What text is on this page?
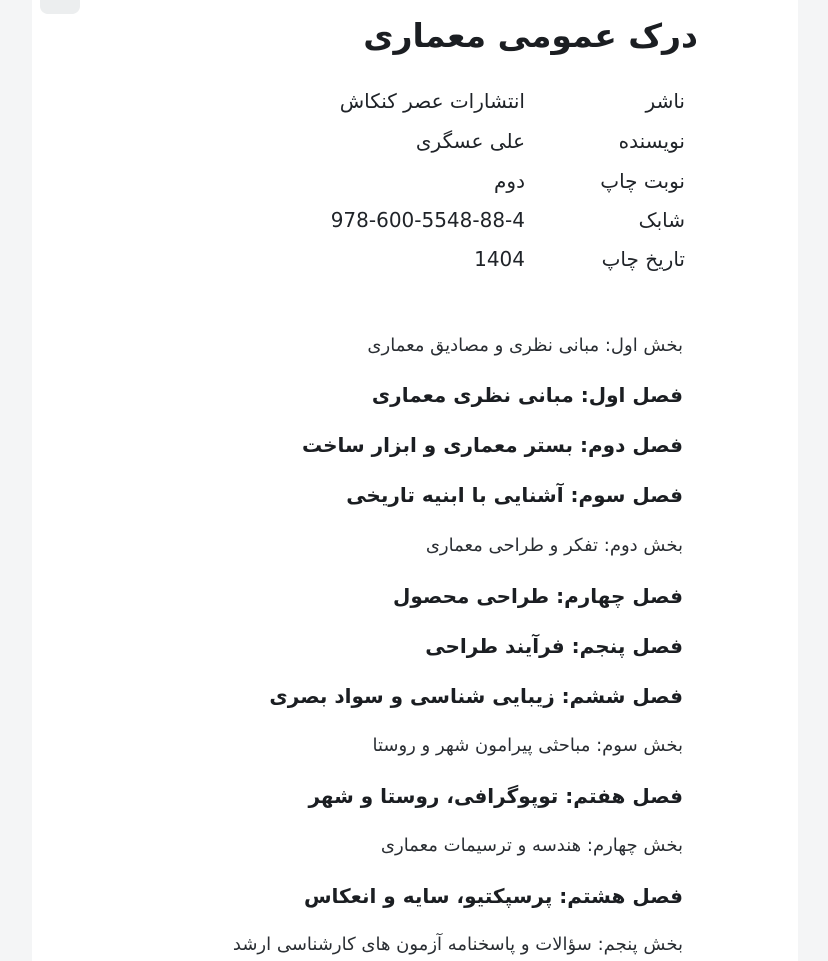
درک عمومی معماری
ناشر
انتشارات عصر کنکاش
نویسنده
علی عسگری
نوبت چاپ
دوم
شابک
978-600-5548-88-4
تاریخ چاپ
1404
بخش اول: مبانی نظری و مصادیق معماری
فصل اول: مبانی نظری معماری
فصل دوم: بستر معماری و ابزار ساخت
فصل سوم: آشنایی با ابنیه تاریخی
بخش دوم: تفکر و طراحی معماری
فصل چهارم: طراحی محصول
فصل پنجم: فرآیند طراحی
فصل ششم: زیبایی شناسی و سواد بصری
بخش سوم: مباحثی پیرامون شهر و روستا
فصل هفتم: توپوگرافی، روستا و شهر
بخش چهارم: هندسه و ترسیمات معماری
فصل هشتم: پرسپکتیو، سایه و انعکاس
بخش پنجم: سؤالات و پاسخنامه آزمون های کارشناسی ارشد
